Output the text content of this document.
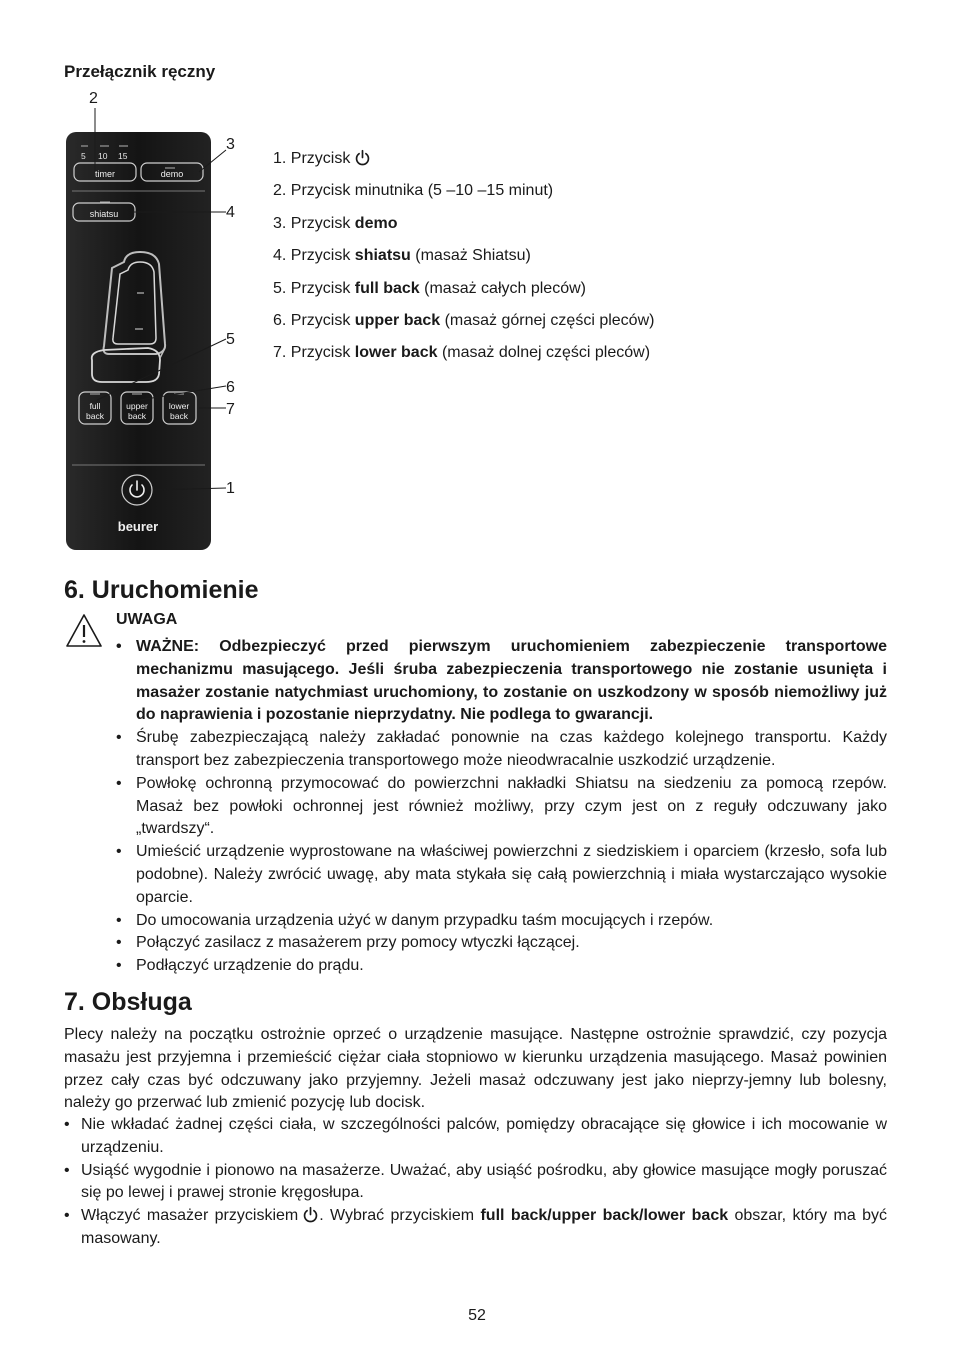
Przełącznik ręczny
2
3
4
5
6
7
1
5 10 15
timer	demo
shiatsu
full
back
upper
back
lower
back
beurer
1. Przycisk
2. Przycisk minutnika (5 –10 –15 minut)
3. Przycisk demo
4. Przycisk shiatsu (masaż Shiatsu)
5. Przycisk full back (masaż całych pleców)
6. Przycisk upper back (masaż górnej części pleców)
7. Przycisk lower back (masaż dolnej części pleców)
6. Uruchomienie
UWAGA
• WAŻNE: Odbezpieczyć przed pierwszym uruchomieniem zabezpieczenie transportowe mechanizmu masującego. Jeśli śruba zabezpieczenia transportowego nie zostanie usunięta i masażer zostanie natychmiast uruchomiony, to zostanie on uszkodzony w sposób niemożliwy już do naprawienia i pozostanie nieprzydatny. Nie podlega to gwarancji.
• Śrubę zabezpieczającą należy zakładać ponownie na czas każdego kolejnego transportu. Każdy transport bez zabezpieczenia transportowego może nieodwracalnie uszkodzić urządzenie.
• Powłokę ochronną przymocować do powierzchni nakładki Shiatsu na siedzeniu za pomocą rzepów. Masaż bez powłoki ochronnej jest również możliwy, przy czym jest on z reguły odczuwany jako „twardszy“.
• Umieścić urządzenie wyprostowane na właściwej powierzchni z siedziskiem i oparciem (krzesło, sofa lub podobne). Należy zwrócić uwagę, aby mata stykała się całą powierzchnią i miała wystarczająco wysokie oparcie.
• Do umocowania urządzenia użyć w danym przypadku taśm mocujących i rzepów.
• Połączyć zasilacz z masażerem przy pomocy wtyczki łączącej.
• Podłączyć urządzenie do prądu.
7. Obsługa

Plecy należy na początku ostrożnie oprzeć o urządzenie masujące. Następne ostrożnie sprawdzić, czy pozycja masażu jest przyjemna i przemieścić ciężar ciała stopniowo w kierunku urządzenia masującego. Masaż powinien przez cały czas być odczuwany jako przyjemny. Jeżeli masaż odczuwany jest jako nieprzy-jemny lub bolesny, należy go przerwać lub zmienić pozycję lub docisk.

• Nie wkładać żadnej części ciała, w szczególności palców, pomiędzy obracające się głowice i ich mocowanie w urządzeniu.
• Usiąść wygodnie i pionowo na masażerze. Uważać, aby usiąść pośrodku, aby głowice masujące mogły poruszać się po lewej i prawej stronie kręgosłupa.
• Włączyć masażer przyciskiem . Wybrać przyciskiem full back/upper back/lower back obszar, który ma być masowany.
52
